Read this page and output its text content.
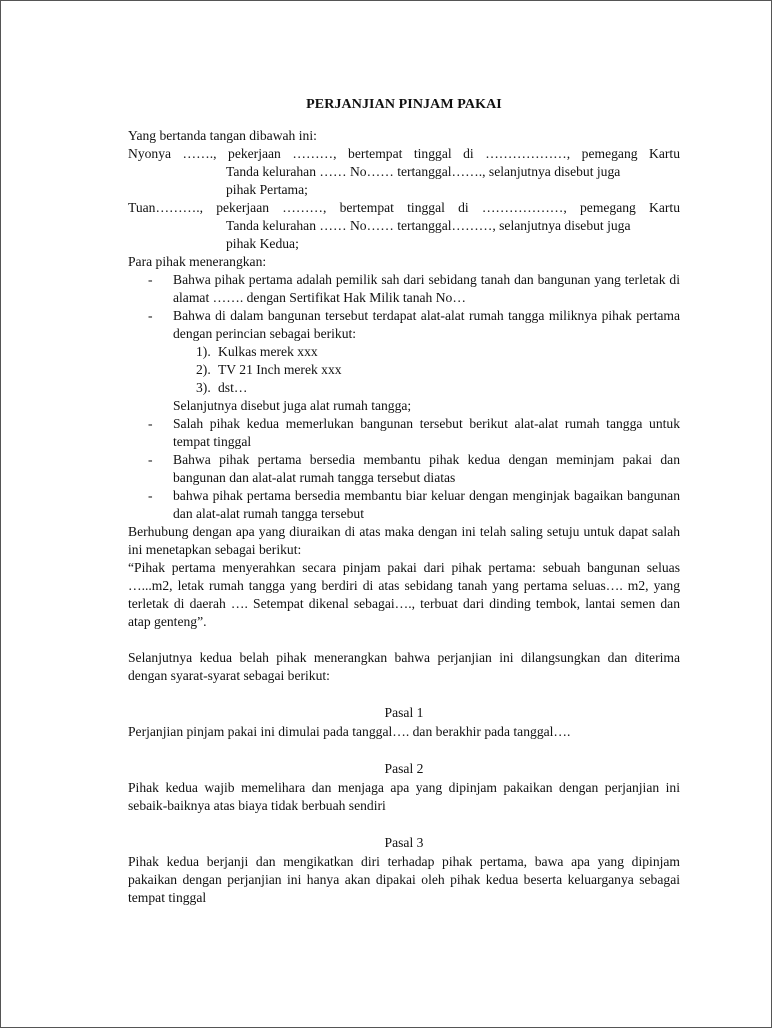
PERJANJIAN PINJAM PAKAI

Yang bertanda tangan dibawah ini:

Nyonya ……., pekerjaan ………, bertempat tinggal di ………………, pemegang Kartu

Tanda kelurahan …… No…… tertanggal……., selanjutnya disebut juga

pihak Pertama;

Tuan………., pekerjaan ………, bertempat tinggal di ………………, pemegang Kartu

Tanda kelurahan …… No…… tertanggal………, selanjutnya disebut juga

pihak Kedua;

Para pihak menerangkan:

- Bahwa pihak pertama adalah pemilik sah dari sebidang tanah dan bangunan yang terletak di alamat ……. dengan Sertifikat Hak Milik tanah No…
- Bahwa di dalam bangunan tersebut terdapat alat-alat rumah tangga miliknya pihak pertama dengan perincian sebagai berikut:
1). Kulkas merek xxx
2). TV 21 Inch merek xxx
3). dst…

Selanjutnya disebut juga alat rumah tangga;

- Salah pihak kedua memerlukan bangunan tersebut berikut alat-alat rumah tangga untuk tempat tinggal
- Bahwa pihak pertama bersedia membantu pihak kedua dengan meminjam pakai dan bangunan dan alat-alat rumah tangga tersebut diatas
- bahwa pihak pertama bersedia membantu biar keluar dengan menginjak bagaikan bangunan dan alat-alat rumah tangga tersebut

Berhubung dengan apa yang diuraikan di atas maka dengan ini telah saling setuju untuk dapat salah ini menetapkan sebagai berikut:

“Pihak pertama menyerahkan secara pinjam pakai dari pihak pertama: sebuah bangunan seluas …...m2, letak rumah tangga yang berdiri di atas sebidang tanah yang pertama seluas…. m2, yang terletak di daerah …. Setempat dikenal sebagai…., terbuat dari dinding tembok, lantai semen dan atap genteng”.

Selanjutnya kedua belah pihak menerangkan bahwa perjanjian ini dilangsungkan dan diterima dengan syarat-syarat sebagai berikut:

Pasal 1

Perjanjian pinjam pakai ini dimulai pada tanggal…. dan berakhir pada tanggal….

Pasal 2

Pihak kedua wajib memelihara dan menjaga apa yang dipinjam pakaikan dengan perjanjian ini sebaik-baiknya atas biaya tidak berbuah sendiri

Pasal 3

Pihak kedua berjanji dan mengikatkan diri terhadap pihak pertama, bawa apa yang dipinjam pakaikan dengan perjanjian ini hanya akan dipakai oleh pihak kedua beserta keluarganya sebagai tempat tinggal
